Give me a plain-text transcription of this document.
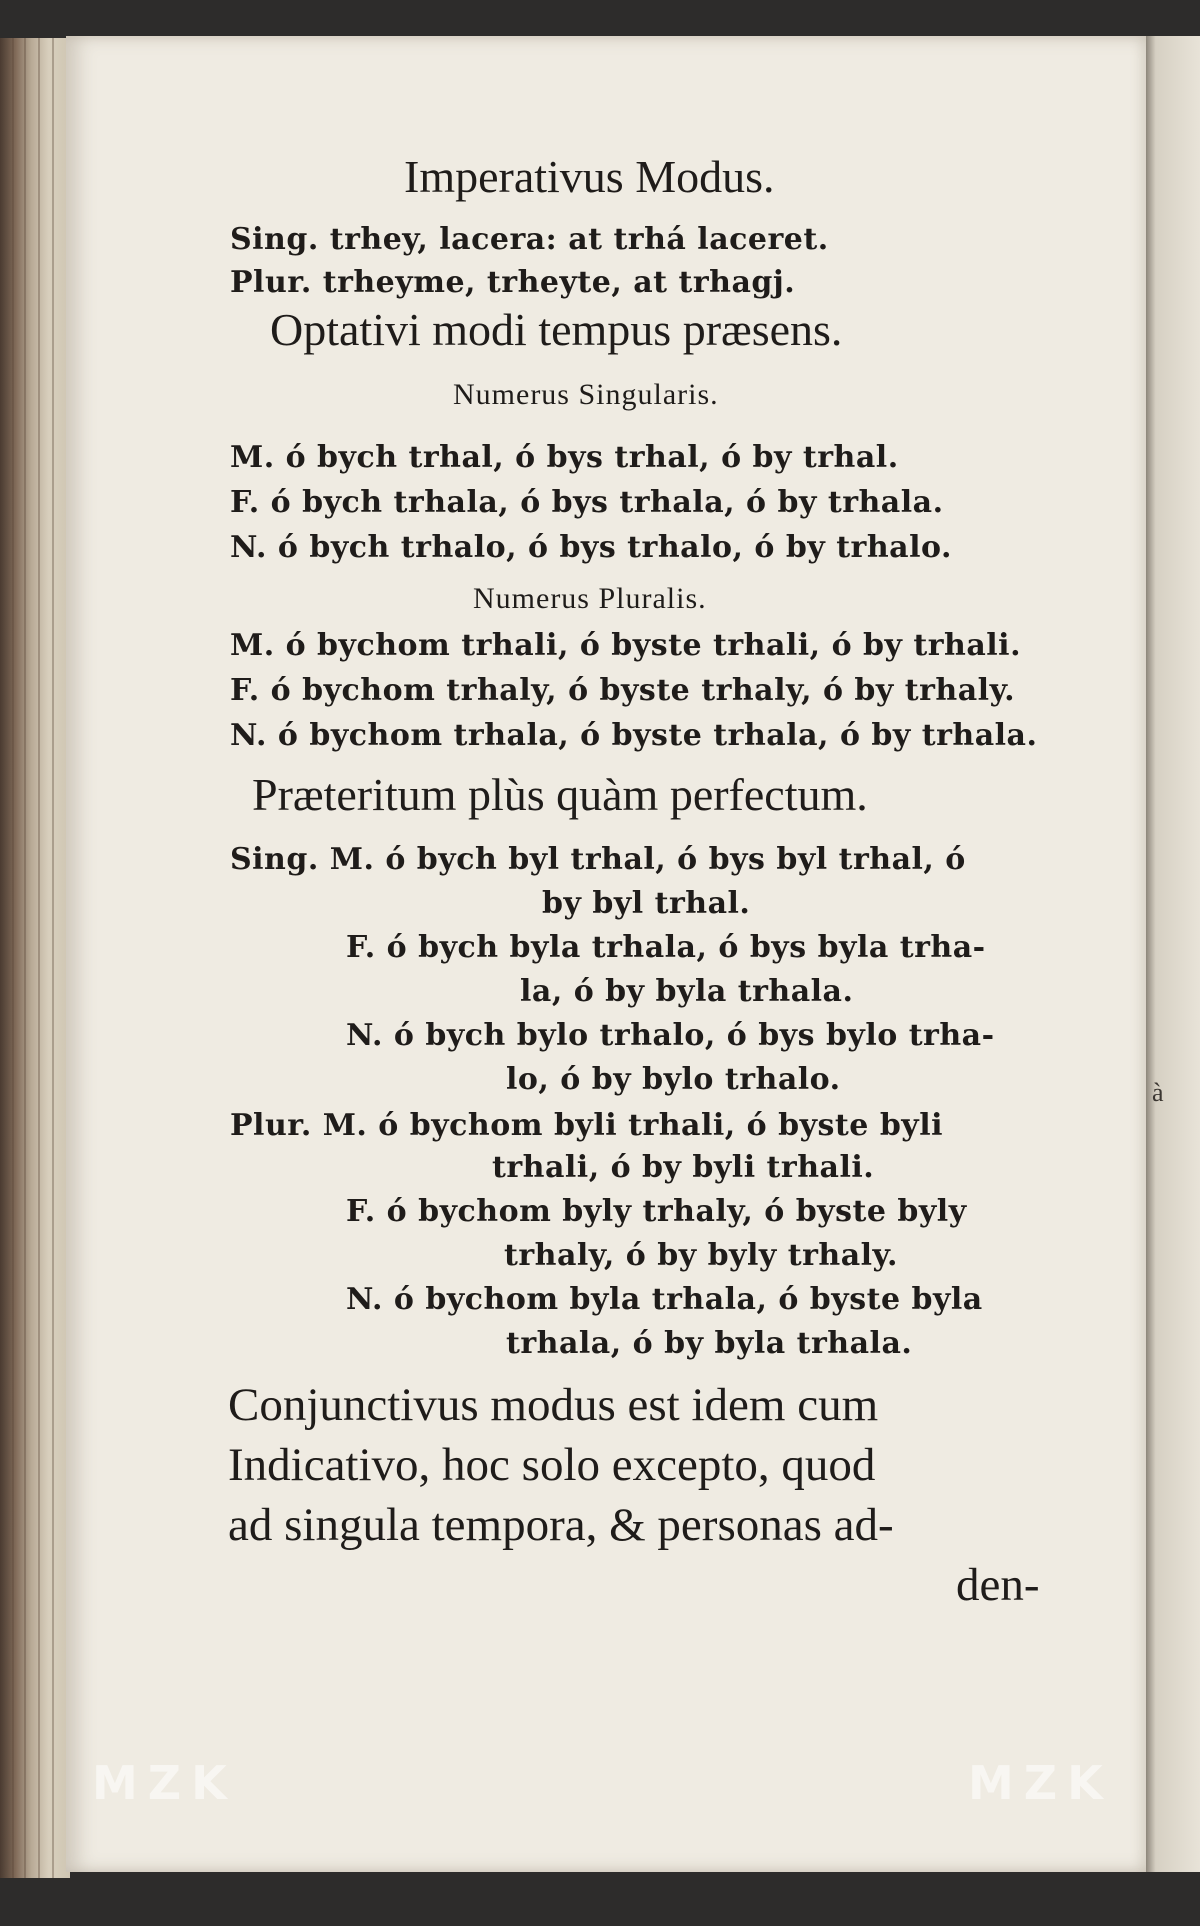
à
MZK	MZK
Imperativus Modus.
Sing. trhey, lacera: at trhá laceret.
Plur. trheyme, trheyte, at trhagj.
Optativi modi tempus præsens.
Numerus Singularis.
M. ó bych trhal, ó bys trhal, ó by trhal.
F. ó bych trhala, ó bys trhala, ó by trhala.
N. ó bych trhalo, ó bys trhalo, ó by trhalo.
Numerus Pluralis.
M. ó bychom trhali, ó byste trhali, ó by trhali.
F. ó bychom trhaly, ó byste trhaly, ó by trhaly.
N. ó bychom trhala, ó byste trhala, ó by trhala.
Præteritum plùs quàm perfectum.
Sing. M. ó bych byl trhal, ó bys byl trhal, ó
by byl trhal.
F. ó bych byla trhala, ó bys byla trha-
la, ó by byla trhala.
N. ó bych bylo trhalo, ó bys bylo trha-
lo, ó by bylo trhalo.
Plur. M. ó bychom byli trhali, ó byste byli
trhali, ó by byli trhali.
F. ó bychom byly trhaly, ó byste byly
trhaly, ó by byly trhaly.
N. ó bychom byla trhala, ó byste byla
trhala, ó by byla trhala.
Conjunctivus modus est idem cum
Indicativo, hoc solo excepto, quod
ad singula tempora, & personas ad-
den-
